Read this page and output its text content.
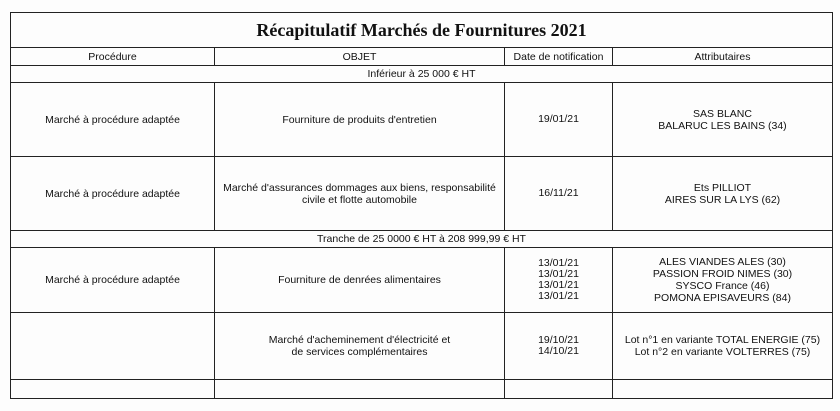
Récapitulatif Marchés de Fournitures 2021			
Procédure	OBJET	Date de notification	Attributaires
Inférieur à 25 000 € HT			
Marché à procédure adaptée	Fourniture de produits d'entretien	19/01/21	SAS BLANC
BALARUC LES BAINS (34)

Marché à procédure adaptée	Marché d'assurances dommages aux biens, responsabilité
civile et flotte automobile	16/11/21	Ets PILLIOT
AIRES SUR LA LYS (62)

Tranche de 25 0000 € HT à 208 999,99 € HT			
Marché à procédure adaptée	Fourniture de denrées alimentaires	13/01/21
13/01/21
13/01/21
13/01/21	ALES VIANDES ALES (30)
PASSION FROID NIMES (30)
SYSCO France (46)
POMONA EPISAVEURS (84)

	Marché d'acheminement d'électricité et
de services complémentaires	19/10/21
14/10/21	Lot n°1 en variante TOTAL ENERGIE (75)
Lot n°2 en variante VOLTERRES (75)
